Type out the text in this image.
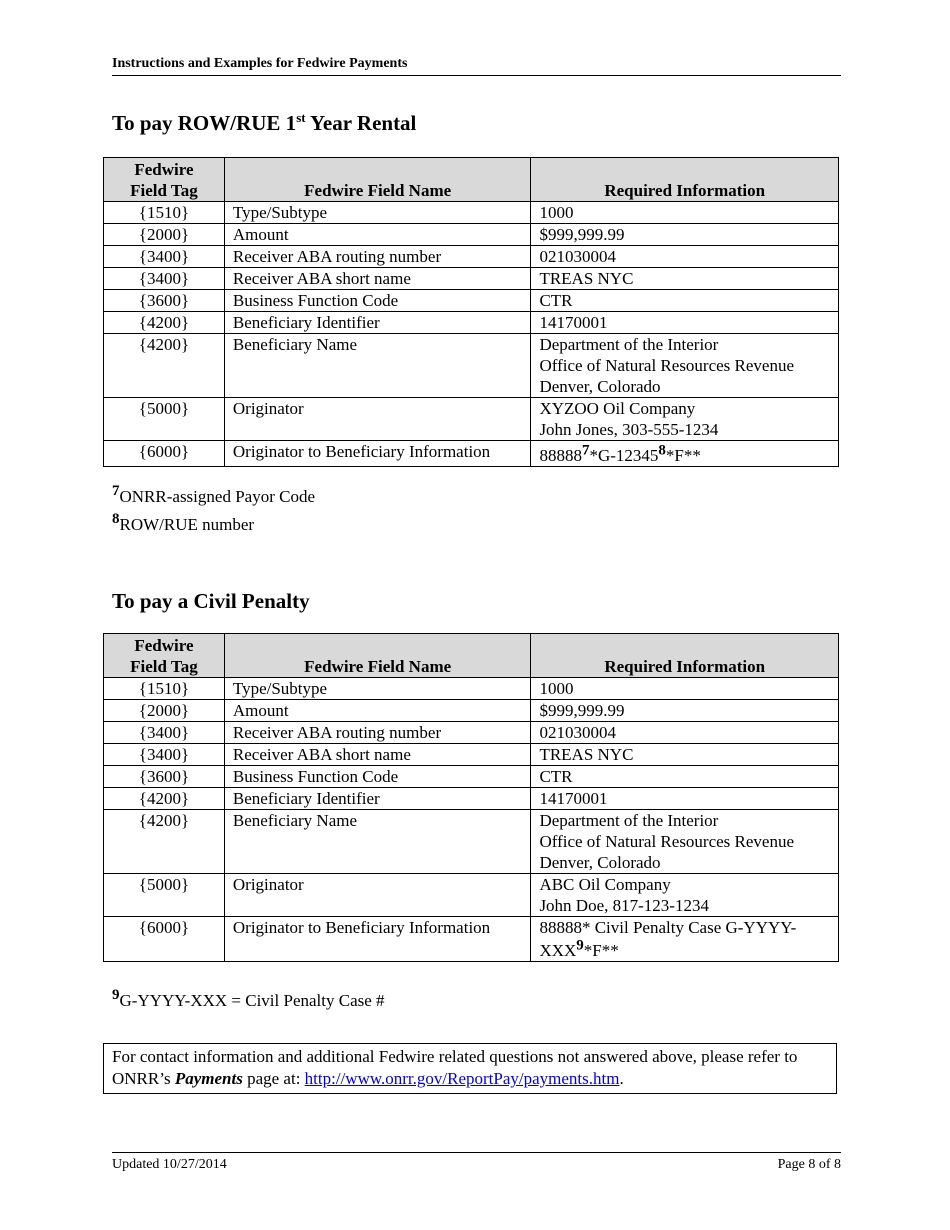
Instructions and Examples for Fedwire Payments
To pay ROW/RUE 1st Year Rental
Fedwire
Field Tag	Fedwire Field Name	Required Information
{1510}	Type/Subtype	1000

{2000}	Amount	$999,999.99

{3400}	Receiver ABA routing number	021030004

{3400}	Receiver ABA short name	TREAS NYC

{3600}	Business Function Code	CTR

{4200}	Beneficiary Identifier	14170001

{4200}	Beneficiary Name	Department of the Interior
Office of Natural Resources Revenue
Denver, Colorado

{5000}	Originator	XYZOO Oil Company
John Jones, 303-555-1234

{6000}	Originator to Beneficiary Information	88888$^7$*G-12345$^8$*F**
7ONRR-assigned Payor Code
8ROW/RUE number
To pay a Civil Penalty
Fedwire
Field Tag	Fedwire Field Name	Required Information
{1510}	Type/Subtype	1000

{2000}	Amount	$999,999.99

{3400}	Receiver ABA routing number	021030004

{3400}	Receiver ABA short name	TREAS NYC

{3600}	Business Function Code	CTR

{4200}	Beneficiary Identifier	14170001

{4200}	Beneficiary Name	Department of the Interior
Office of Natural Resources Revenue
Denver, Colorado

{5000}	Originator	ABC Oil Company
John Doe, 817-123-1234

{6000}	Originator to Beneficiary Information	88888* Civil Penalty Case G-YYYY-
XXX$^9$*F**
9G-YYYY-XXX = Civil Penalty Case #
For contact information and additional Fedwire related questions not answered above, please refer to ONRR’s Payments page at: http://www.onrr.gov/ReportPay/payments.htm.
Updated 10/27/2014	Page 8 of 8
